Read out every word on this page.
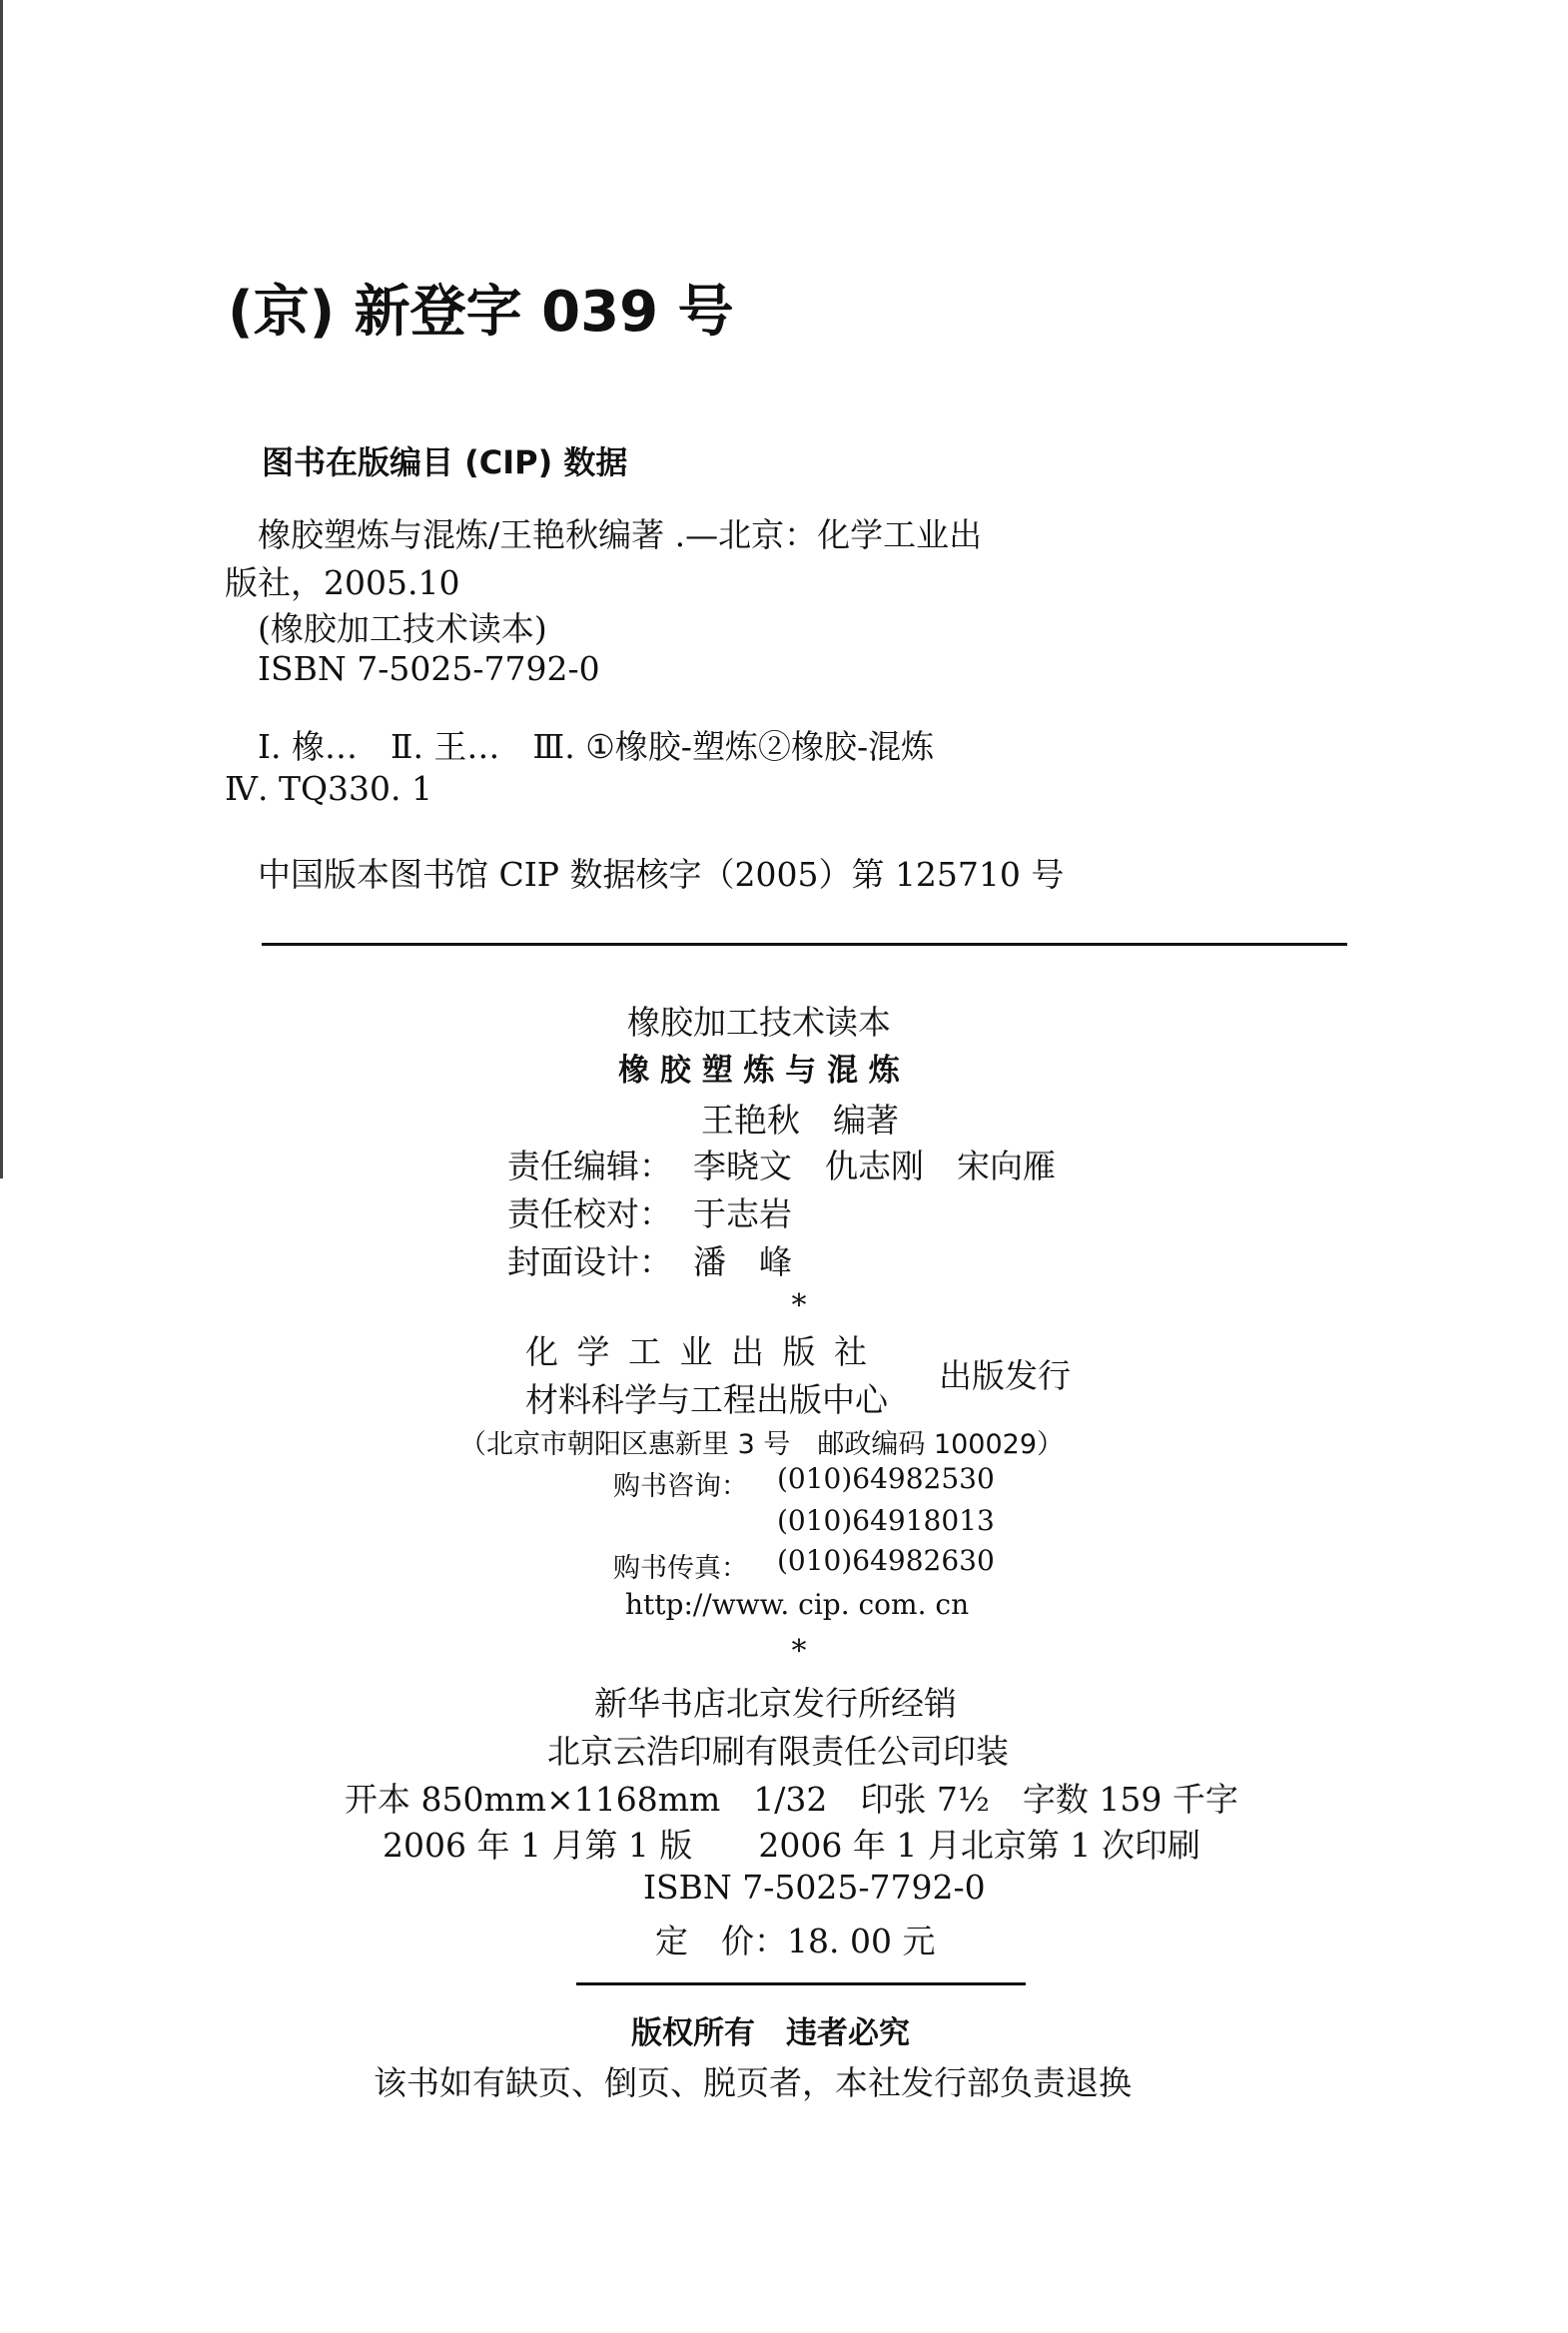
(京) 新登字 039 号
图书在版编目 (CIP) 数据
橡胶塑炼与混炼/王艳秋编著 .—北京：化学工业出
版社，2005.10
(橡胶加工技术读本)
ISBN 7-5025-7792-0
Ⅰ. 橡…　Ⅱ. 王…　Ⅲ. ①橡胶-塑炼②橡胶-混炼
Ⅳ. TQ330. 1
中国版本图书馆 CIP 数据核字（2005）第 125710 号
橡胶加工技术读本
橡 胶 塑 炼 与 混 炼
王艳秋　编著
责任编辑： 李晓文　仇志刚　宋向雁
责任校对： 于志岩
封面设计： 潘　峰
*
化 学 工 业 出 版 社
材料科学与工程出版中心
出版发行
（北京市朝阳区惠新里 3 号　邮政编码 100029）
购书咨询： (010)64982530
(010)64918013
购书传真： (010)64982630
http://www. cip. com. cn
*
新华书店北京发行所经销
北京云浩印刷有限责任公司印装
开本 850mm×1168mm　1/32　印张 7½　字数 159 千字
2006 年 1 月第 1 版　　2006 年 1 月北京第 1 次印刷
ISBN 7-5025-7792-0
定　价：18. 00 元
版权所有　违者必究
该书如有缺页、倒页、脱页者，本社发行部负责退换
